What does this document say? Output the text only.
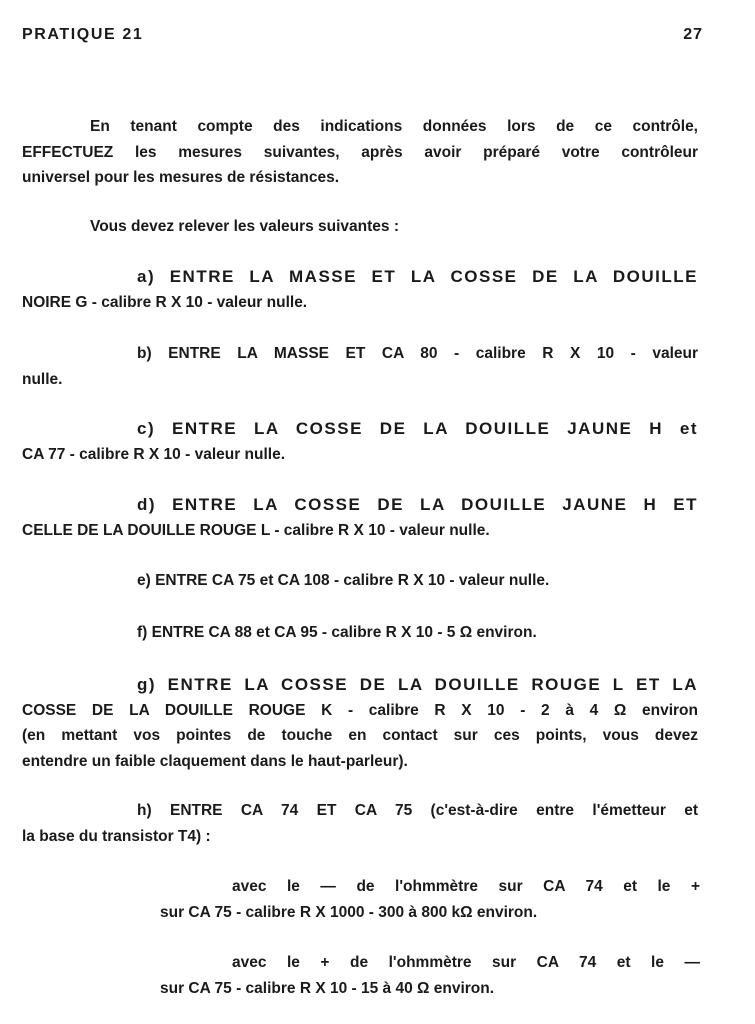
PRATIQUE 21	27
En tenant compte des indications données lors de ce contrôle,
EFFECTUEZ les mesures suivantes, après avoir préparé votre contrôleur
universel pour les mesures de résistances.
Vous devez relever les valeurs suivantes :
a) ENTRE LA MASSE ET LA COSSE DE LA DOUILLE
NOIRE G - calibre R X 10 - valeur nulle.
b) ENTRE LA MASSE ET CA 80 - calibre R X 10 - valeur
nulle.
c) ENTRE LA COSSE DE LA DOUILLE JAUNE H et
CA 77 - calibre R X 10 - valeur nulle.
d) ENTRE LA COSSE DE LA DOUILLE JAUNE H ET
CELLE DE LA DOUILLE ROUGE L - calibre R X 10 - valeur nulle.
e) ENTRE CA 75 et CA 108 - calibre R X 10 - valeur nulle.
f) ENTRE CA 88 et CA 95 - calibre R X 10 - 5 Ω environ.
g) ENTRE LA COSSE DE LA DOUILLE ROUGE L ET LA
COSSE DE LA DOUILLE ROUGE K - calibre R X 10 - 2 à 4 Ω environ
(en mettant vos pointes de touche en contact sur ces points, vous devez
entendre un faible claquement dans le haut-parleur).
h) ENTRE CA 74 ET CA 75 (c'est-à-dire entre l'émetteur et
la base du transistor T4) :
avec le — de l'ohmmètre sur CA 74 et le +
sur CA 75 - calibre R X 1000 - 300 à 800 kΩ environ.
avec le + de l'ohmmètre sur CA 74 et le —
sur CA 75 - calibre R X 10 - 15 à 40 Ω environ.
